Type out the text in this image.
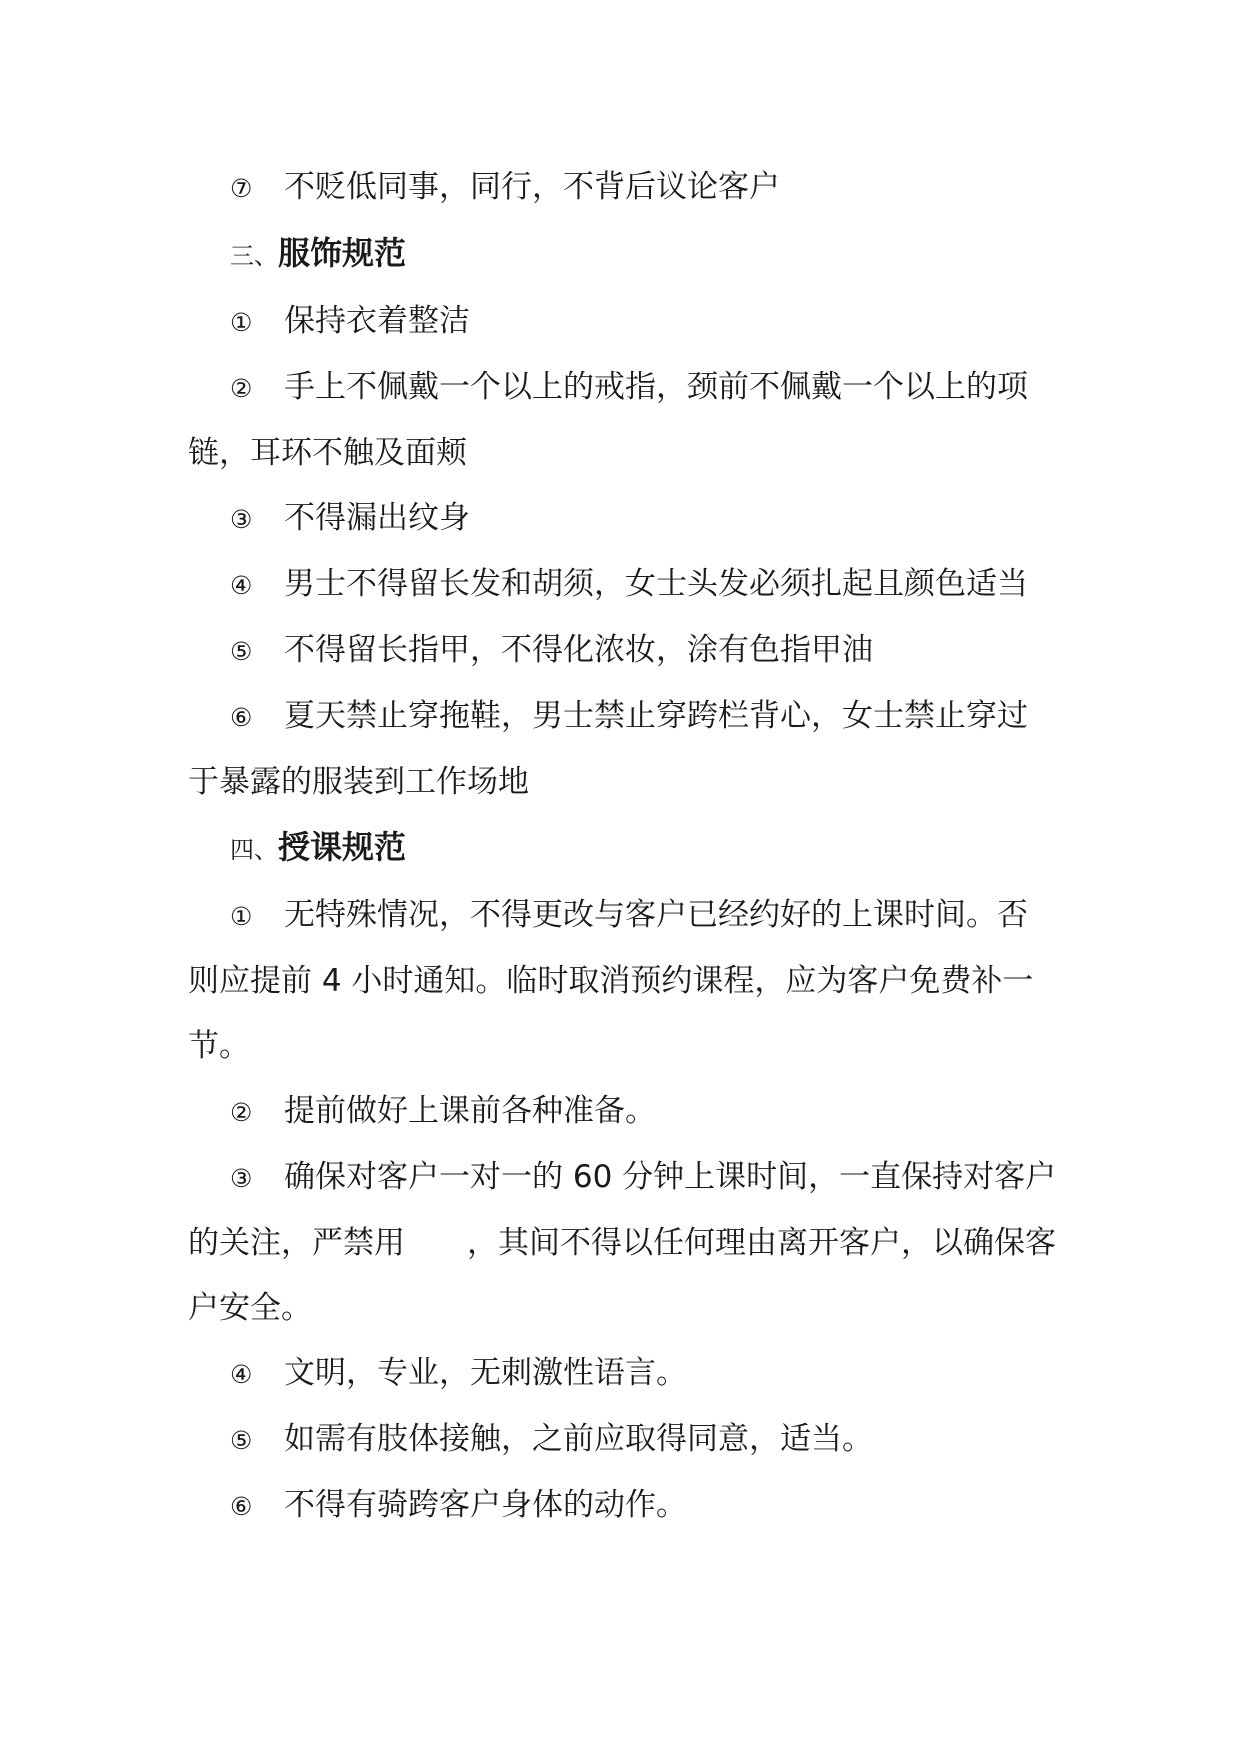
⑦ 不贬低同事，同行，不背后议论客户

三、服饰规范

① 保持衣着整洁

② 手上不佩戴一个以上的戒指，颈前不佩戴一个以上的项链，耳环不触及面颊

③ 不得漏出纹身

④ 男士不得留长发和胡须，女士头发必须扎起且颜色适当

⑤ 不得留长指甲，不得化浓妆，涂有色指甲油

⑥ 夏天禁止穿拖鞋，男士禁止穿跨栏背心，女士禁止穿过于暴露的服装到工作场地

四、授课规范

① 无特殊情况，不得更改与客户已经约好的上课时间。否则应提前 4 小时通知。临时取消预约课程，应为客户免费补一节。

② 提前做好上课前各种准备。

③ 确保对客户一对一的 60 分钟上课时间，一直保持对客户的关注，严禁用　　，其间不得以任何理由离开客户，以确保客户安全。

④ 文明，专业，无刺激性语言。

⑤ 如需有肢体接触，之前应取得同意，适当。

⑥ 不得有骑跨客户身体的动作。
